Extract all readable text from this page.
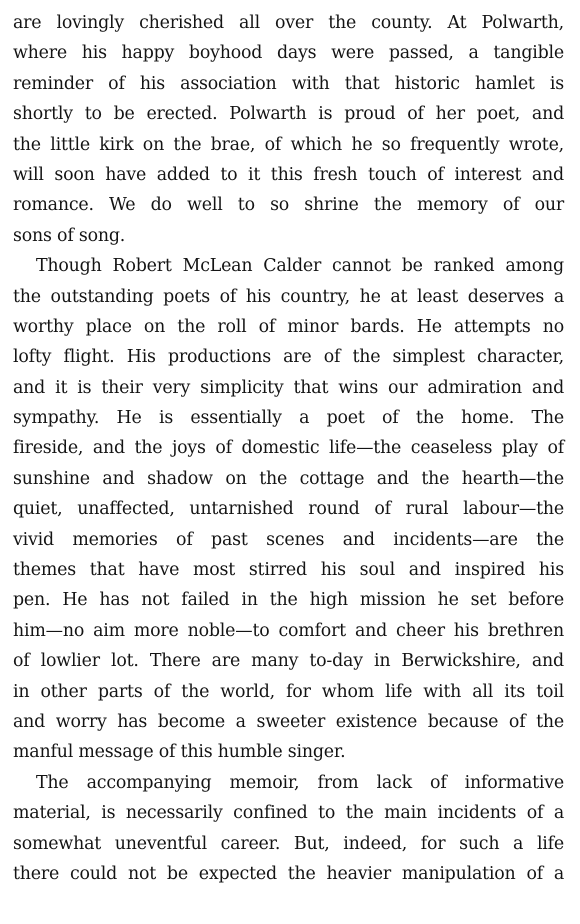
are lovingly cherished all over the county. At Polwarth,
where his happy boyhood days were passed, a tangible
reminder of his association with that historic hamlet is
shortly to be erected. Polwarth is proud of her poet, and
the little kirk on the brae, of which he so frequently wrote,
will soon have added to it this fresh touch of interest and
romance. We do well to so shrine the memory of our
sons of song.
Though Robert McLean Calder cannot be ranked among
the outstanding poets of his country, he at least deserves a
worthy place on the roll of minor bards. He attempts no
lofty flight. His productions are of the simplest character,
and it is their very simplicity that wins our admiration and
sympathy. He is essentially a poet of the home. The
fireside, and the joys of domestic life—the ceaseless play of
sunshine and shadow on the cottage and the hearth—the
quiet, unaffected, untarnished round of rural labour—the
vivid memories of past scenes and incidents—are the
themes that have most stirred his soul and inspired his
pen. He has not failed in the high mission he set before
him—no aim more noble—to comfort and cheer his brethren
of lowlier lot. There are many to-day in Berwickshire, and
in other parts of the world, for whom life with all its toil
and worry has become a sweeter existence because of the
manful message of this humble singer.
The accompanying memoir, from lack of informative
material, is necessarily confined to the main incidents of a
somewhat uneventful career. But, indeed, for such a life
there could not be expected the heavier manipulation of a
